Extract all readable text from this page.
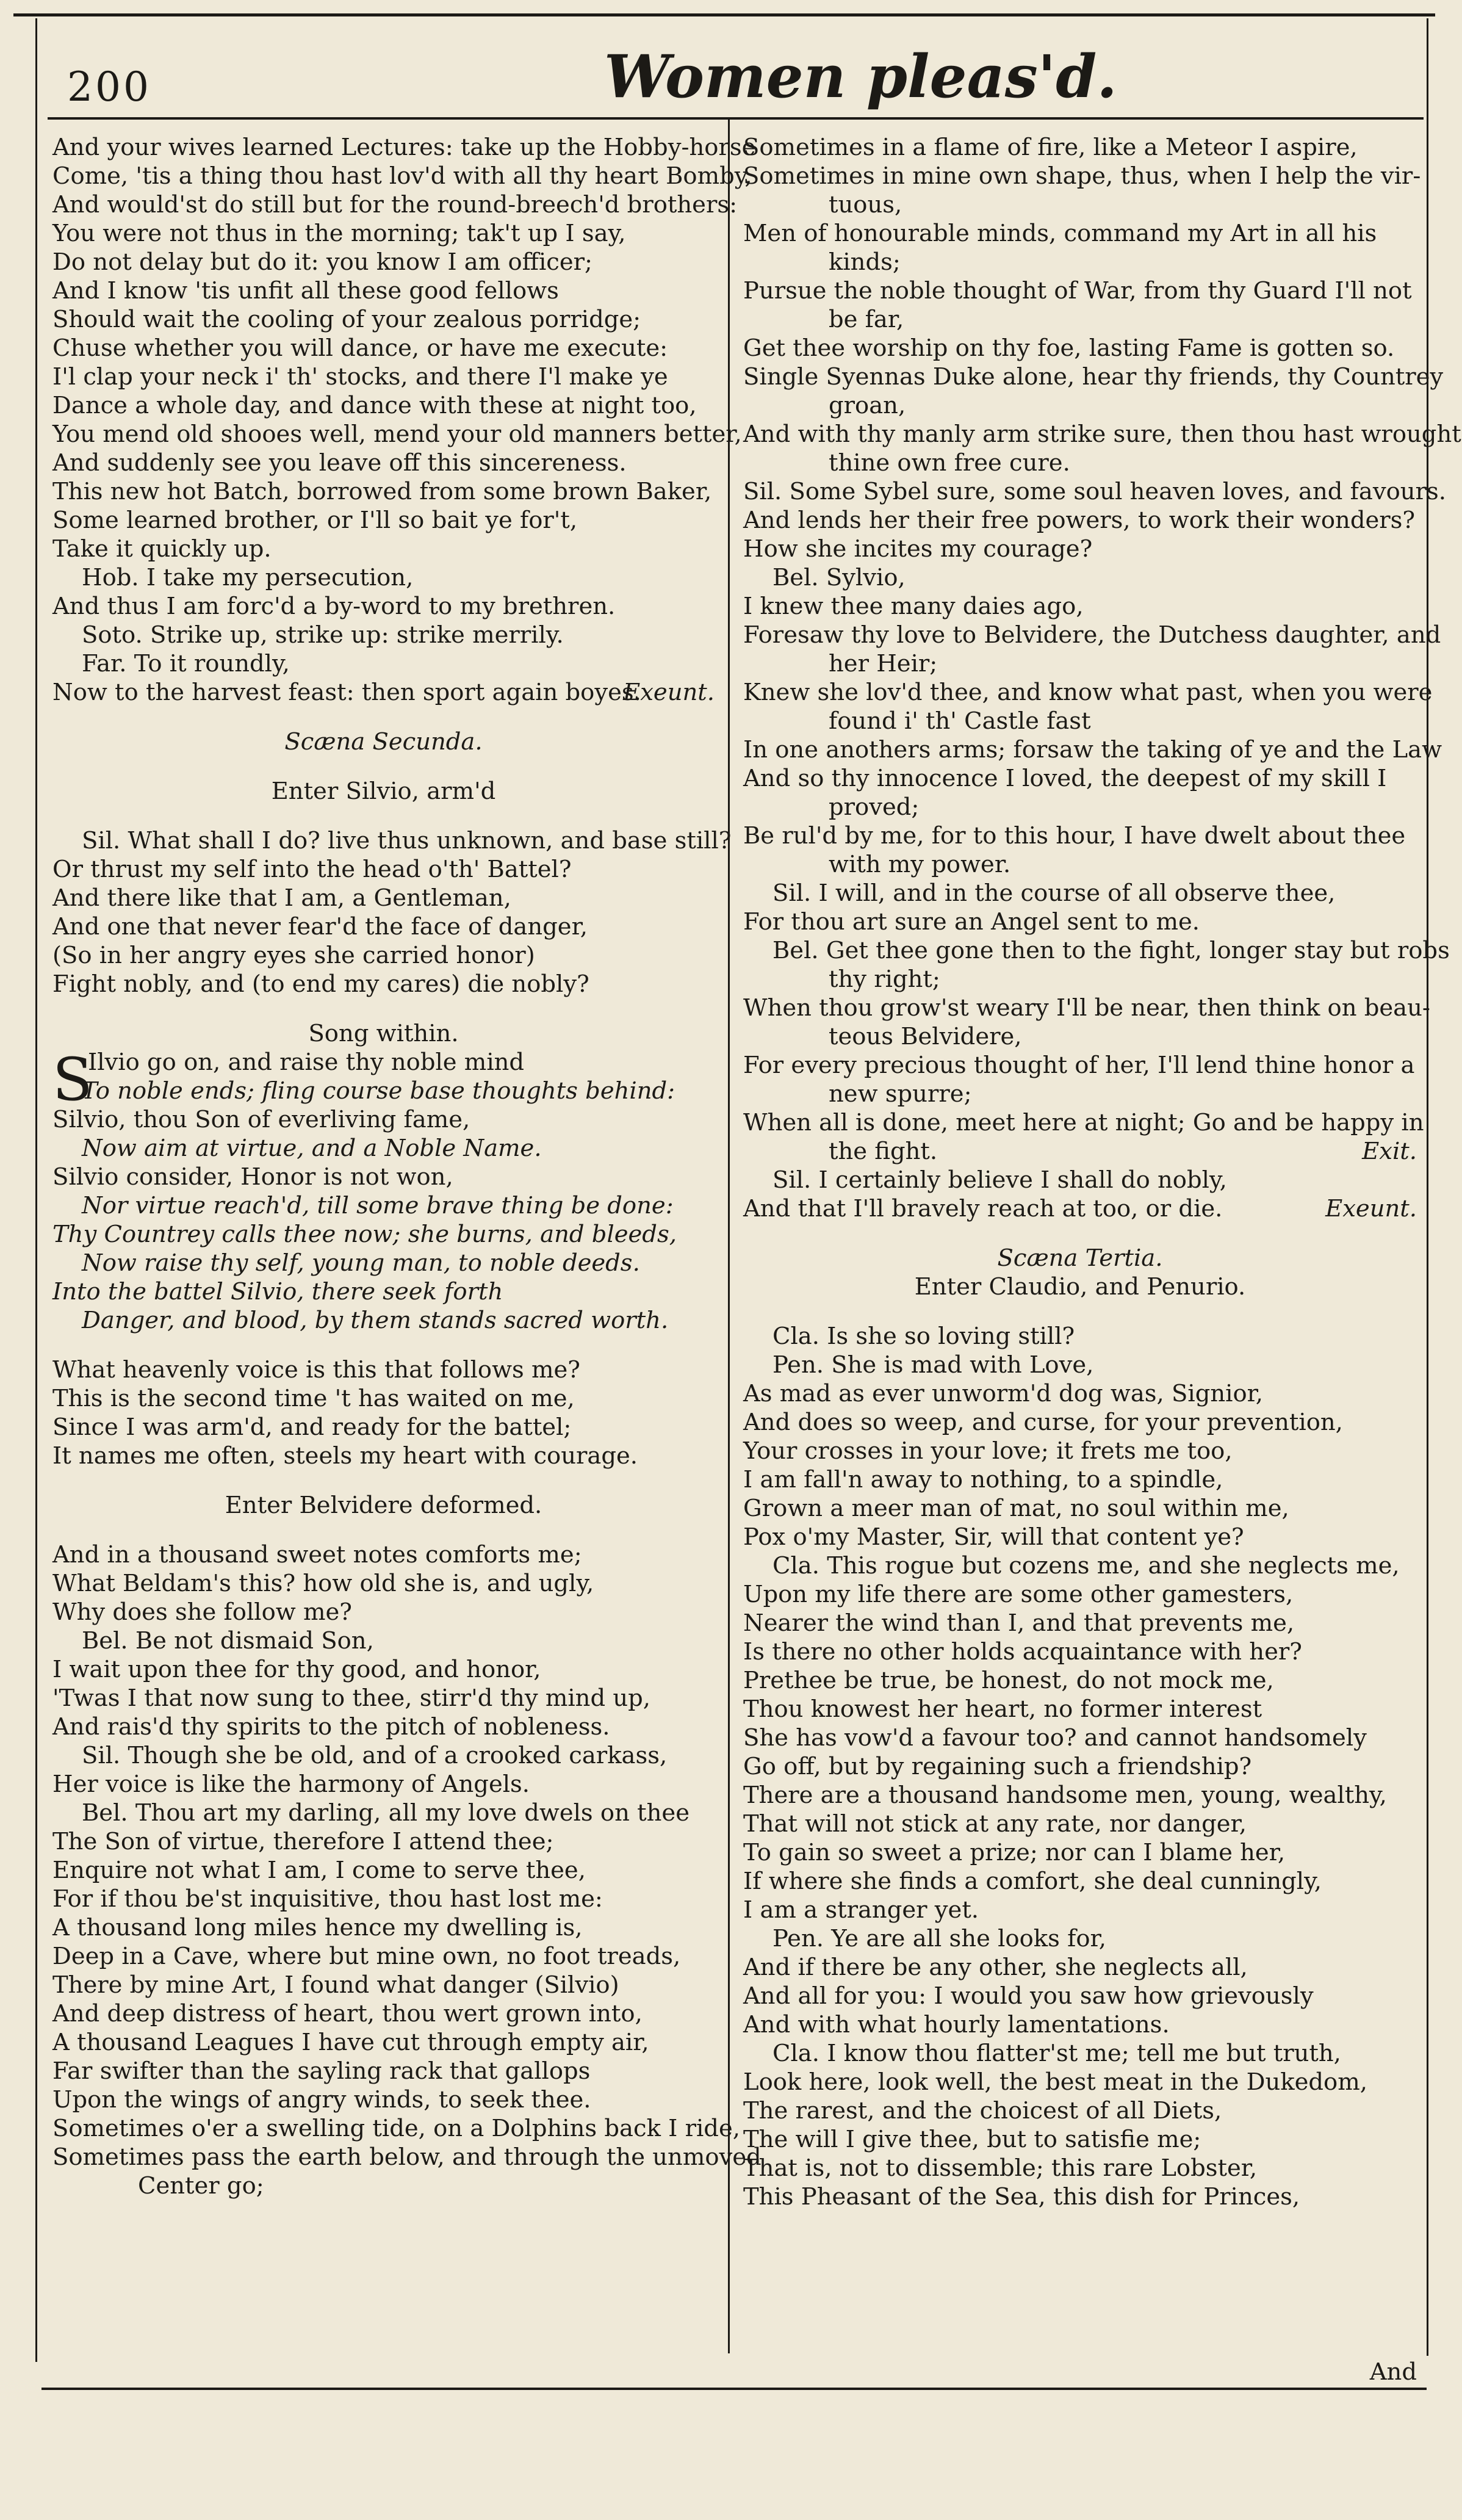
200	Women pleas'd.
And your wives learned Lectures: take up the Hobby-horse
Come, 'tis a thing thou hast lov'd with all thy heart Bomby,
And would'st do still but for the round-breech'd brothers:
You were not thus in the morning; tak't up I say,
Do not delay but do it: you know I am officer;
And I know 'tis unfit all these good fellows
Should wait the cooling of your zealous porridge;
Chuse whether you will dance, or have me execute:
I'l clap your neck i' th' stocks, and there I'l make ye
Dance a whole day, and dance with these at night too,
You mend old shooes well, mend your old manners better,
And suddenly see you leave off this sincereness.
This new hot Batch, borrowed from some brown Baker,
Some learned brother, or I'll so bait ye for't,
Take it quickly up.
Hob. I take my persecution,
And thus I am forc'd a by-word to my brethren.
Soto. Strike up, strike up: strike merrily.
Far. To it roundly,
Now to the harvest feast: then sport again boyes.
Exeunt.
Scæna Secunda.
Enter Silvio, arm'd
Sil. What shall I do? live thus unknown, and base still?
Or thrust my self into the head o'th' Battel?
And there like that I am, a Gentleman,
And one that never fear'd the face of danger,
(So in her angry eyes she carried honor)
Fight nobly, and (to end my cares) die nobly?
Song within.
S
Ilvio go on, and raise thy noble mind
To noble ends; fling course base thoughts behind:
Silvio, thou Son of everliving fame,
Now aim at virtue, and a Noble Name.
Silvio consider, Honor is not won,
Nor virtue reach'd, till some brave thing be done:
Thy Countrey calls thee now; she burns, and bleeds,
Now raise thy self, young man, to noble deeds.
Into the battel Silvio, there seek forth
Danger, and blood, by them stands sacred worth.
What heavenly voice is this that follows me?
This is the second time 't has waited on me,
Since I was arm'd, and ready for the battel;
It names me often, steels my heart with courage.
Enter Belvidere deformed.
And in a thousand sweet notes comforts me;
What Beldam's this? how old she is, and ugly,
Why does she follow me?
Bel. Be not dismaid Son,
I wait upon thee for thy good, and honor,
'Twas I that now sung to thee, stirr'd thy mind up,
And rais'd thy spirits to the pitch of nobleness.
Sil. Though she be old, and of a crooked carkass,
Her voice is like the harmony of Angels.
Bel. Thou art my darling, all my love dwels on thee
The Son of virtue, therefore I attend thee;
Enquire not what I am, I come to serve thee,
For if thou be'st inquisitive, thou hast lost me:
A thousand long miles hence my dwelling is,
Deep in a Cave, where but mine own, no foot treads,
There by mine Art, I found what danger (Silvio)
And deep distress of heart, thou wert grown into,
A thousand Leagues I have cut through empty air,
Far swifter than the sayling rack that gallops
Upon the wings of angry winds, to seek thee.
Sometimes o'er a swelling tide, on a Dolphins back I ride,
Sometimes pass the earth below, and through the unmoved
Center go;
Sometimes in a flame of fire, like a Meteor I aspire,
Sometimes in mine own shape, thus, when I help the vir-
tuous,
Men of honourable minds, command my Art in all his
kinds;
Pursue the noble thought of War, from thy Guard I'll not
be far,
Get thee worship on thy foe, lasting Fame is gotten so.
Single Syennas Duke alone, hear thy friends, thy Countrey
groan,
And with thy manly arm strike sure, then thou hast wrought
thine own free cure.
Sil. Some Sybel sure, some soul heaven loves, and favours.
And lends her their free powers, to work their wonders?
How she incites my courage?
Bel. Sylvio,
I knew thee many daies ago,
Foresaw thy love to Belvidere, the Dutchess daughter, and
her Heir;
Knew she lov'd thee, and know what past, when you were
found i' th' Castle fast
In one anothers arms; forsaw the taking of ye and the Law
And so thy innocence I loved, the deepest of my skill I
proved;
Be rul'd by me, for to this hour, I have dwelt about thee
with my power.
Sil. I will, and in the course of all observe thee,
For thou art sure an Angel sent to me.
Bel. Get thee gone then to the fight, longer stay but robs
thy right;
When thou grow'st weary I'll be near, then think on beau-
teous Belvidere,
For every precious thought of her, I'll lend thine honor a
new spurre;
When all is done, meet here at night; Go and be happy in
the fight.	Exit.
Sil. I certainly believe I shall do nobly,
And that I'll bravely reach at too, or die.	Exeunt.
Scæna Tertia.
Enter Claudio, and Penurio.
Cla. Is she so loving still?
Pen. She is mad with Love,
As mad as ever unworm'd dog was, Signior,
And does so weep, and curse, for your prevention,
Your crosses in your love; it frets me too,
I am fall'n away to nothing, to a spindle,
Grown a meer man of mat, no soul within me,
Pox o'my Master, Sir, will that content ye?
Cla. This rogue but cozens me, and she neglects me,
Upon my life there are some other gamesters,
Nearer the wind than I, and that prevents me,
Is there no other holds acquaintance with her?
Prethee be true, be honest, do not mock me,
Thou knowest her heart, no former interest
She has vow'd a favour too? and cannot handsomely
Go off, but by regaining such a friendship?
There are a thousand handsome men, young, wealthy,
That will not stick at any rate, nor danger,
To gain so sweet a prize; nor can I blame her,
If where she finds a comfort, she deal cunningly,
I am a stranger yet.
Pen. Ye are all she looks for,
And if there be any other, she neglects all,
And all for you: I would you saw how grievously
And with what hourly lamentations.
Cla. I know thou flatter'st me; tell me but truth,
Look here, look well, the best meat in the Dukedom,
The rarest, and the choicest of all Diets,
The will I give thee, but to satisfie me;
That is, not to dissemble; this rare Lobster,
This Pheasant of the Sea, this dish for Princes,
And
